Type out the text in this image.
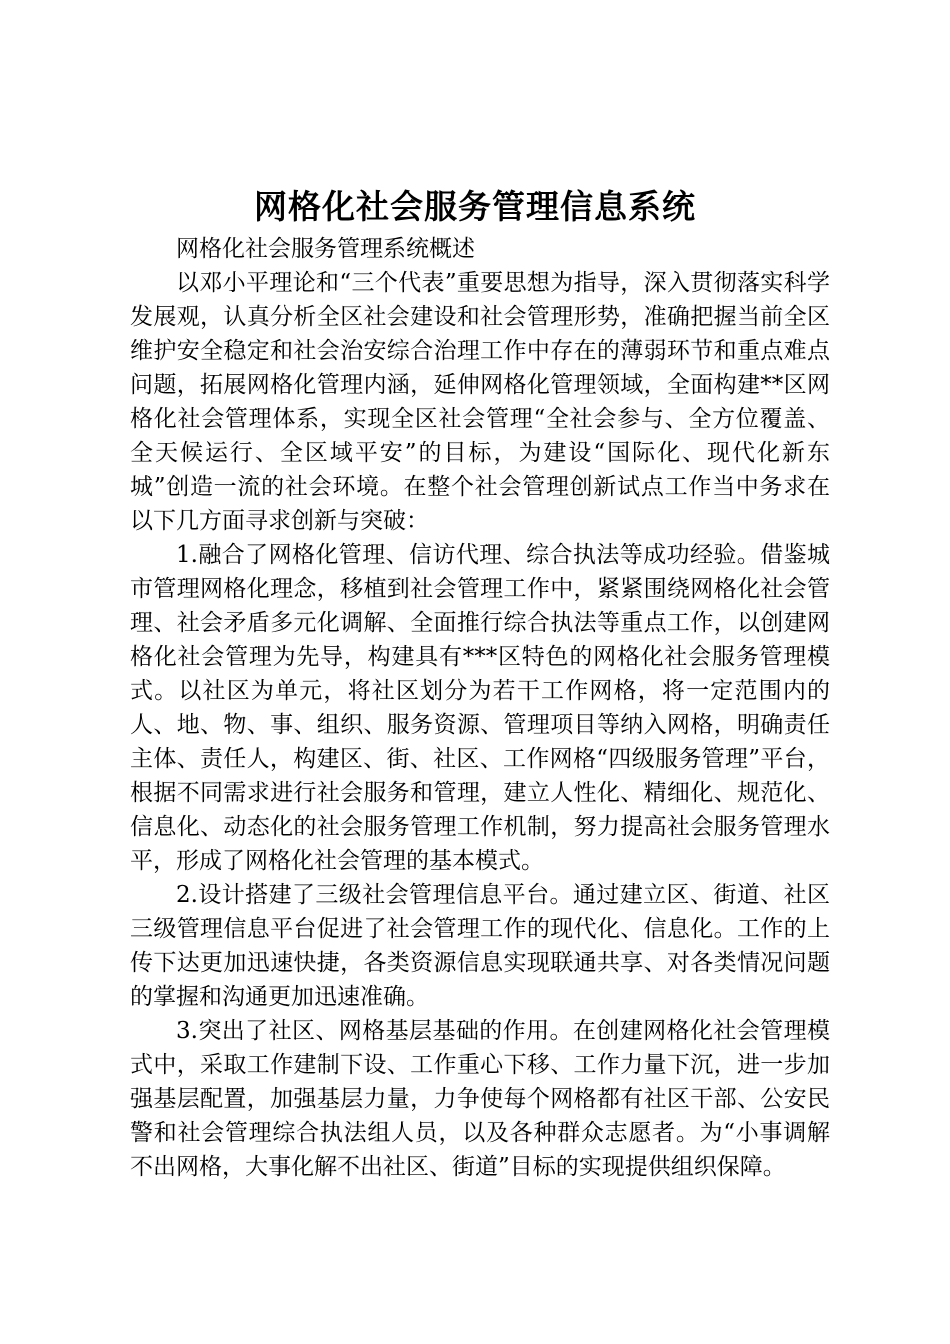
网格化社会服务管理信息系统

网格化社会服务管理系统概述

以邓小平理论和“三个代表”重要思想为指导，深入贯彻落实科学发展观，认真分析全区社会建设和社会管理形势，准确把握当前全区维护安全稳定和社会治安综合治理工作中存在的薄弱环节和重点难点问题，拓展网格化管理内涵，延伸网格化管理领域，全面构建**区网格化社会管理体系，实现全区社会管理“全社会参与、全方位覆盖、全天候运行、全区域平安”的目标，为建设“国际化、现代化新东城”创造一流的社会环境。在整个社会管理创新试点工作当中务求在以下几方面寻求创新与突破：

1.融合了网格化管理、信访代理、综合执法等成功经验。借鉴城市管理网格化理念，移植到社会管理工作中，紧紧围绕网格化社会管理、社会矛盾多元化调解、全面推行综合执法等重点工作，以创建网格化社会管理为先导，构建具有***区特色的网格化社会服务管理模式。以社区为单元，将社区划分为若干工作网格，将一定范围内的人、地、物、事、组织、服务资源、管理项目等纳入网格，明确责任主体、责任人，构建区、街、社区、工作网格“四级服务管理”平台，根据不同需求进行社会服务和管理，建立人性化、精细化、规范化、信息化、动态化的社会服务管理工作机制，努力提高社会服务管理水平，形成了网格化社会管理的基本模式。

2.设计搭建了三级社会管理信息平台。通过建立区、街道、社区三级管理信息平台促进了社会管理工作的现代化、信息化。工作的上传下达更加迅速快捷，各类资源信息实现联通共享、对各类情况问题的掌握和沟通更加迅速准确。

3.突出了社区、网格基层基础的作用。在创建网格化社会管理模式中，采取工作建制下设、工作重心下移、工作力量下沉，进一步加强基层配置，加强基层力量，力争使每个网格都有社区干部、公安民警和社会管理综合执法组人员，以及各种群众志愿者。为“小事调解不出网格，大事化解不出社区、街道”目标的实现提供组织保障。
